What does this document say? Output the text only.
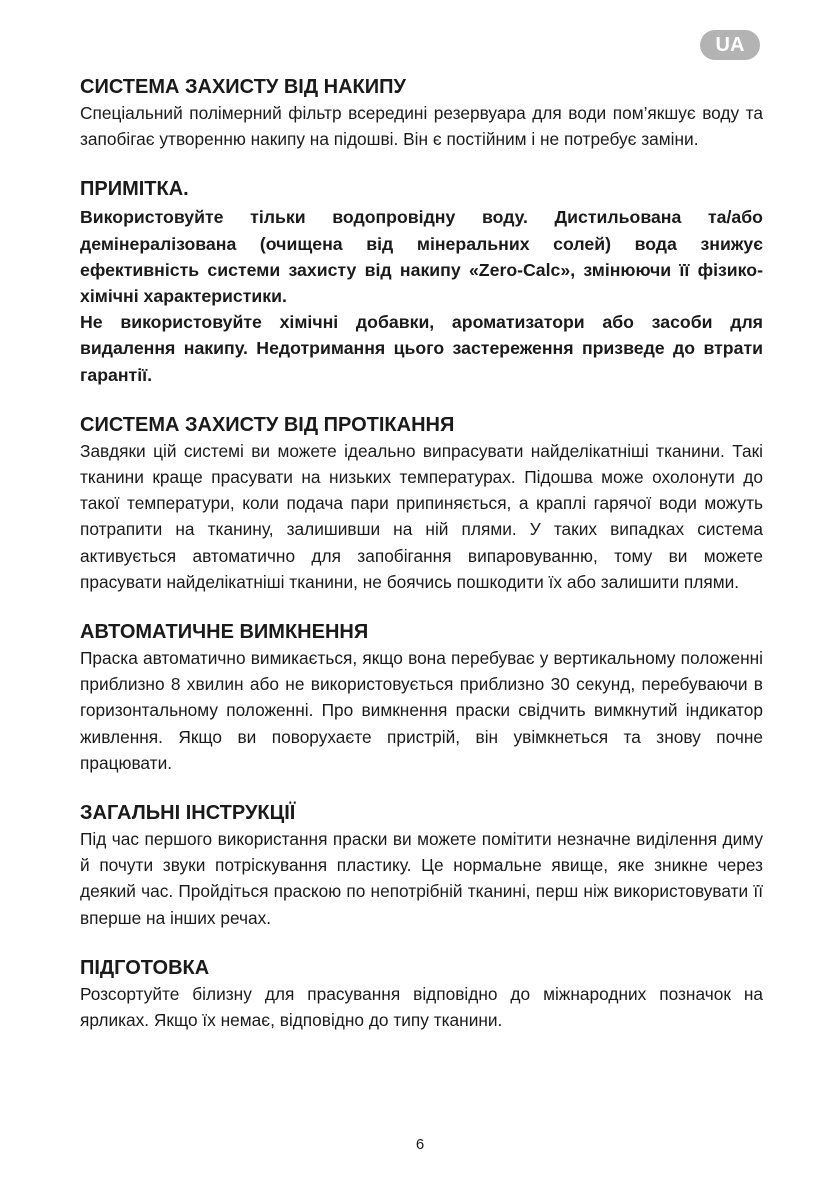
UA
СИСТЕМА ЗАХИСТУ ВІД НАКИПУ

Спеціальний полімерний фільтр всередині резервуара для води пом’якшує воду та запобігає утворенню накипу на підошві. Він є постійним і не потребує заміни.

ПРИМІТКА.

Використовуйте тільки водопровідну воду. Дистильована та/або демінералізована (очищена від мінеральних солей) вода знижує ефективність системи захисту від накипу «Zero-Calc», змінюючи її фізико-хімічні характеристики.

Не використовуйте хімічні добавки, ароматизатори або засоби для видалення накипу. Недотримання цього застереження призведе до втрати гарантії.

СИСТЕМА ЗАХИСТУ ВІД ПРОТІКАННЯ

Завдяки цій системі ви можете ідеально випрасувати найделікатніші тканини. Такі тканини краще прасувати на низьких температурах. Підошва може охолонути до такої температури, коли подача пари припиняється, а краплі гарячої води можуть потрапити на тканину, залишивши на ній плями. У таких випадках система активується автоматично для запобігання випаровуванню, тому ви можете прасувати найделікатніші тканини, не боячись пошкодити їх або залишити плями.

АВТОМАТИЧНЕ ВИМКНЕННЯ

Праска автоматично вимикається, якщо вона перебуває у вертикальному положенні приблизно 8 хвилин або не використовується приблизно 30 секунд, перебуваючи в горизонтальному положенні. Про вимкнення праски свідчить вимкнутий індикатор живлення. Якщо ви поворухаєте пристрій, він увімкнеться та знову почне працювати.

ЗАГАЛЬНІ ІНСТРУКЦІЇ

Під час першого використання праски ви можете помітити незначне виділення диму й почути звуки потріскування пластику. Це нормальне явище, яке зникне через деякий час. Пройдіться праскою по непотрібній тканині, перш ніж використовувати її вперше на інших речах.

ПІДГОТОВКА

Розсортуйте білизну для прасування відповідно до міжнародних позначок на ярликах. Якщо їх немає, відповідно до типу тканини.

6
